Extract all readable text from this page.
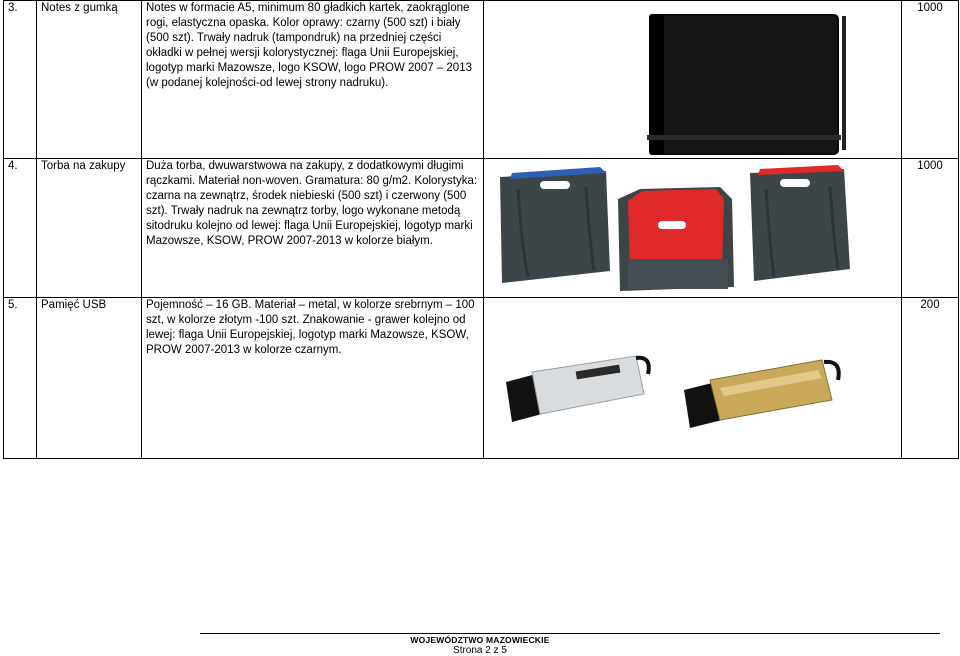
3.	Notes z gumką	Notes w formacie A5, minimum 80 gładkich kartek, zaokrąglone rogi, elastyczna opaska. Kolor oprawy: czarny (500 szt) i biały (500 szt). Trwały nadruk (tampondruk) na przedniej części okładki w pełnej wersji kolorystycznej: flaga Unii Europejskiej, logotyp marki Mazowsze, logo KSOW, logo PROW 2007 – 2013 (w podanej kolejności-od lewej strony nadruku).		1000
4.	Torba na zakupy	Duża torba, dwuwarstwowa na zakupy, z dodatkowymi długimi rączkami. Materiał non-woven. Gramatura: 80 g/m2. Kolorystyka: czarna na zewnątrz, środek niebieski (500 szt) i czerwony (500 szt). Trwały nadruk na zewnątrz torby, logo wykonane metodą sitodruku kolejno od lewej: flaga Unii Europejskiej, logotyp marki Mazowsze, KSOW, PROW 2007-2013 w kolorze białym.		1000
5.	Pamięć USB	Pojemność – 16 GB. Materiał – metal, w kolorze srebrnym – 100 szt, w kolorze złotym -100 szt. Znakowanie - grawer kolejno od lewej: flaga Unii Europejskiej, logotyp marki Mazowsze, KSOW, PROW 2007-2013 w kolorze czarnym.		200
WOJEWÓDZTWO MAZOWIECKIE
Strona 2 z 5
